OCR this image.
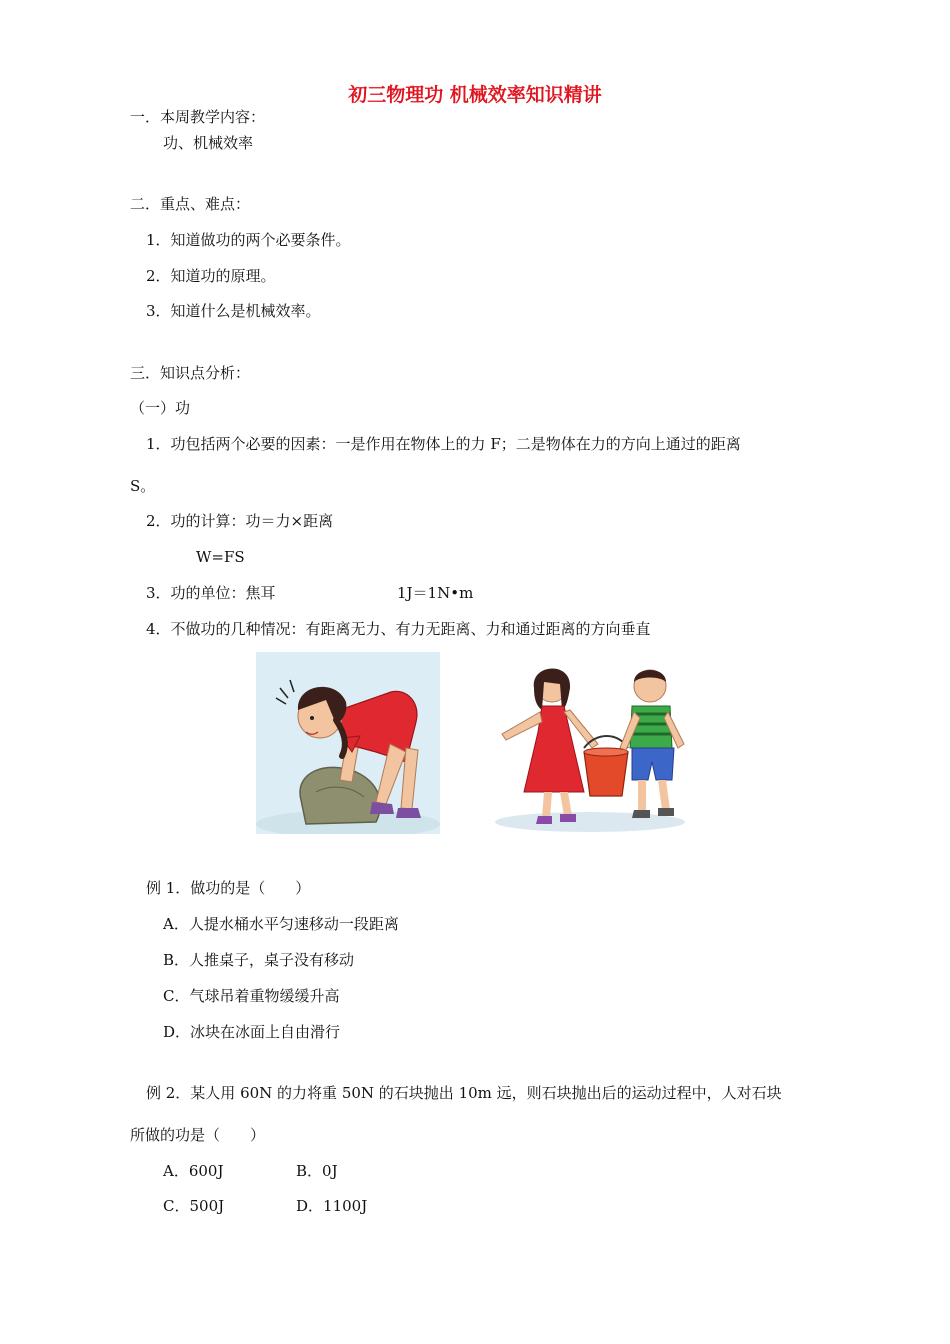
初三物理功 机械效率知识精讲
一．本周教学内容：
功、机械效率
二．重点、难点：
1．知道做功的两个必要条件。
2．知道功的原理。
3．知道什么是机械效率。
三．知识点分析：
（一）功
1．功包括两个必要的因素：一是作用在物体上的力 F；二是物体在力的方向上通过的距离
S。
2．功的计算：功＝力×距离
W=FS
3．功的单位：焦耳	1J＝1N•m
4．不做功的几种情况：有距离无力、有力无距离、力和通过距离的方向垂直
例 1．做功的是（　　）
A．人提水桶水平匀速移动一段距离
B．人推桌子，桌子没有移动
C．气球吊着重物缓缓升高
D．冰块在冰面上自由滑行
例 2．某人用 60N 的力将重 50N 的石块抛出 10m 远，则石块抛出后的运动过程中，人对石块
所做的功是（　　）
A．600J	B．0J
C．500J	D．1100J
